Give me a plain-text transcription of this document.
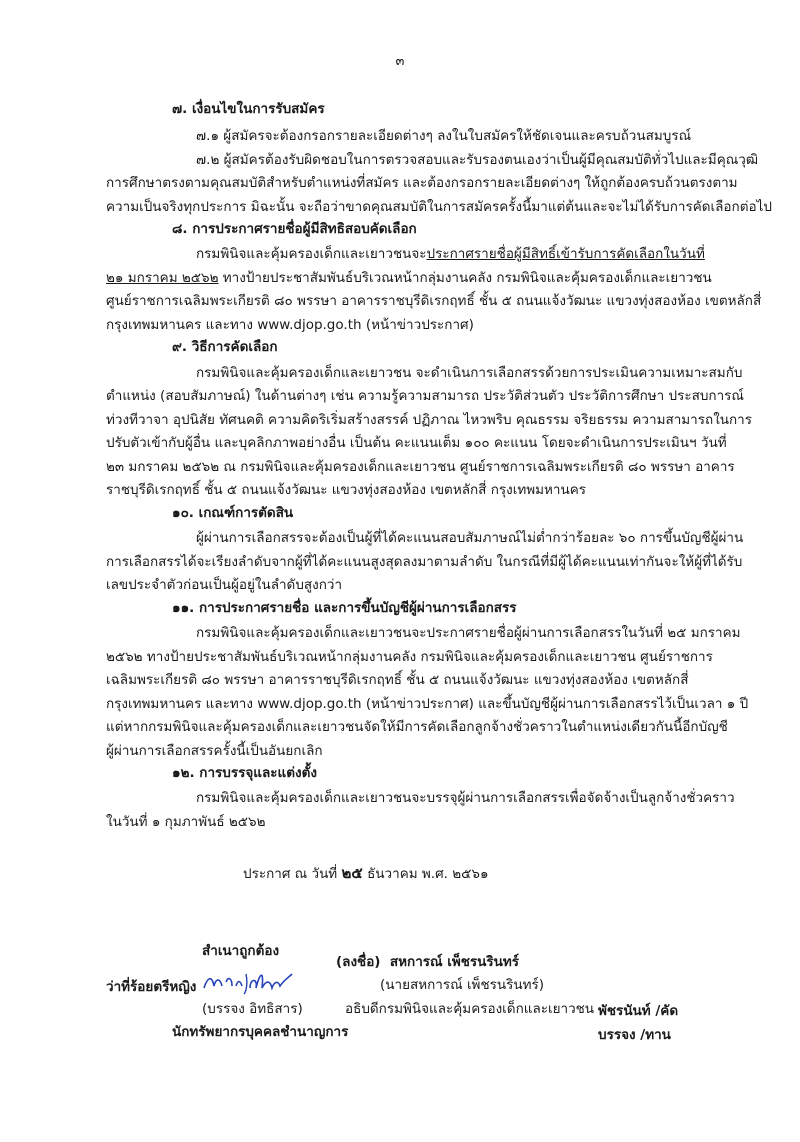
๓
๗. เงื่อนไขในการรับสมัคร
๗.๑ ผู้สมัครจะต้องกรอกรายละเอียดต่างๆ ลงในใบสมัครให้ชัดเจนและครบถ้วนสมบูรณ์
๗.๒ ผู้สมัครต้องรับผิดชอบในการตรวจสอบและรับรองตนเองว่าเป็นผู้มีคุณสมบัติทั่วไปและมีคุณวุฒิ
การศึกษาตรงตามคุณสมบัติสำหรับตำแหน่งที่สมัคร และต้องกรอกรายละเอียดต่างๆ ให้ถูกต้องครบถ้วนตรงตาม
ความเป็นจริงทุกประการ มิฉะนั้น จะถือว่าขาดคุณสมบัติในการสมัครครั้งนี้มาแต่ต้นและจะไม่ได้รับการคัดเลือกต่อไป
๘. การประกาศรายชื่อผู้มีสิทธิสอบคัดเลือก
กรมพินิจและคุ้มครองเด็กและเยาวชนจะประกาศรายชื่อผู้มีสิทธิ์เข้ารับการคัดเลือกในวันที่
๒๑ มกราคม ๒๕๖๒ ทางป้ายประชาสัมพันธ์บริเวณหน้ากลุ่มงานคลัง กรมพินิจและคุ้มครองเด็กและเยาวชน
ศูนย์ราชการเฉลิมพระเกียรติ ๘๐ พรรษา อาคารราชบุรีดิเรกฤทธิ์ ชั้น ๕ ถนนแจ้งวัฒนะ แขวงทุ่งสองห้อง เขตหลักสี่
กรุงเทพมหานคร และทาง www.djop.go.th (หน้าข่าวประกาศ)
๙. วิธีการคัดเลือก
กรมพินิจและคุ้มครองเด็กและเยาวชน จะดำเนินการเลือกสรรด้วยการประเมินความเหมาะสมกับ
ตำแหน่ง (สอบสัมภาษณ์) ในด้านต่างๆ เช่น ความรู้ความสามารถ ประวัติส่วนตัว ประวัติการศึกษา ประสบการณ์
ท่วงทีวาจา อุปนิสัย ทัศนคติ ความคิดริเริ่มสร้างสรรค์ ปฏิภาณ ไหวพริบ คุณธรรม จริยธรรม ความสามารถในการ
ปรับตัวเข้ากับผู้อื่น และบุคลิกภาพอย่างอื่น เป็นต้น คะแนนเต็ม ๑๐๐ คะแนน โดยจะดำเนินการประเมินฯ วันที่
๒๓ มกราคม ๒๕๖๒ ณ กรมพินิจและคุ้มครองเด็กและเยาวชน ศูนย์ราชการเฉลิมพระเกียรติ ๘๐ พรรษา อาคาร
ราชบุรีดิเรกฤทธิ์ ชั้น ๕ ถนนแจ้งวัฒนะ แขวงทุ่งสองห้อง เขตหลักสี่ กรุงเทพมหานคร
๑๐. เกณฑ์การตัดสิน
ผู้ผ่านการเลือกสรรจะต้องเป็นผู้ที่ได้คะแนนสอบสัมภาษณ์ไม่ต่ำกว่าร้อยละ ๖๐ การขึ้นบัญชีผู้ผ่าน
การเลือกสรรได้จะเรียงลำดับจากผู้ที่ได้คะแนนสูงสุดลงมาตามลำดับ ในกรณีที่มีผู้ได้คะแนนเท่ากันจะให้ผู้ที่ได้รับ
เลขประจำตัวก่อนเป็นผู้อยู่ในลำดับสูงกว่า
๑๑. การประกาศรายชื่อ และการขึ้นบัญชีผู้ผ่านการเลือกสรร
กรมพินิจและคุ้มครองเด็กและเยาวชนจะประกาศรายชื่อผู้ผ่านการเลือกสรรในวันที่ ๒๕ มกราคม
๒๕๖๒ ทางป้ายประชาสัมพันธ์บริเวณหน้ากลุ่มงานคลัง กรมพินิจและคุ้มครองเด็กและเยาวชน ศูนย์ราชการ
เฉลิมพระเกียรติ ๘๐ พรรษา อาคารราชบุรีดิเรกฤทธิ์ ชั้น ๕ ถนนแจ้งวัฒนะ แขวงทุ่งสองห้อง เขตหลักสี่
กรุงเทพมหานคร และทาง www.djop.go.th (หน้าข่าวประกาศ) และขึ้นบัญชีผู้ผ่านการเลือกสรรไว้เป็นเวลา ๑ ปี
แต่หากกรมพินิจและคุ้มครองเด็กและเยาวชนจัดให้มีการคัดเลือกลูกจ้างชั่วคราวในตำแหน่งเดียวกันนี้อีกบัญชี
ผู้ผ่านการเลือกสรรครั้งนี้เป็นอันยกเลิก
๑๒. การบรรจุและแต่งตั้ง
กรมพินิจและคุ้มครองเด็กและเยาวชนจะบรรจุผู้ผ่านการเลือกสรรเพื่อจัดจ้างเป็นลูกจ้างชั่วคราว
ในวันที่ ๑ กุมภาพันธ์ ๒๕๖๒
ประกาศ ณ วันที่ ๒๕ ธันวาคม พ.ศ. ๒๕๖๑
สำเนาถูกต้อง
ว่าที่ร้อยตรีหญิง
(บรรจง อิทธิสาร)
นักทรัพยากรบุคคลชำนาญการ
(ลงชื่อ) สหการณ์ เพ็ชรนรินทร์
(นายสหการณ์ เพ็ชรนรินทร์)
อธิบดีกรมพินิจและคุ้มครองเด็กและเยาวชน พัชรนันท์ /คัด
บรรจง /ทาน
